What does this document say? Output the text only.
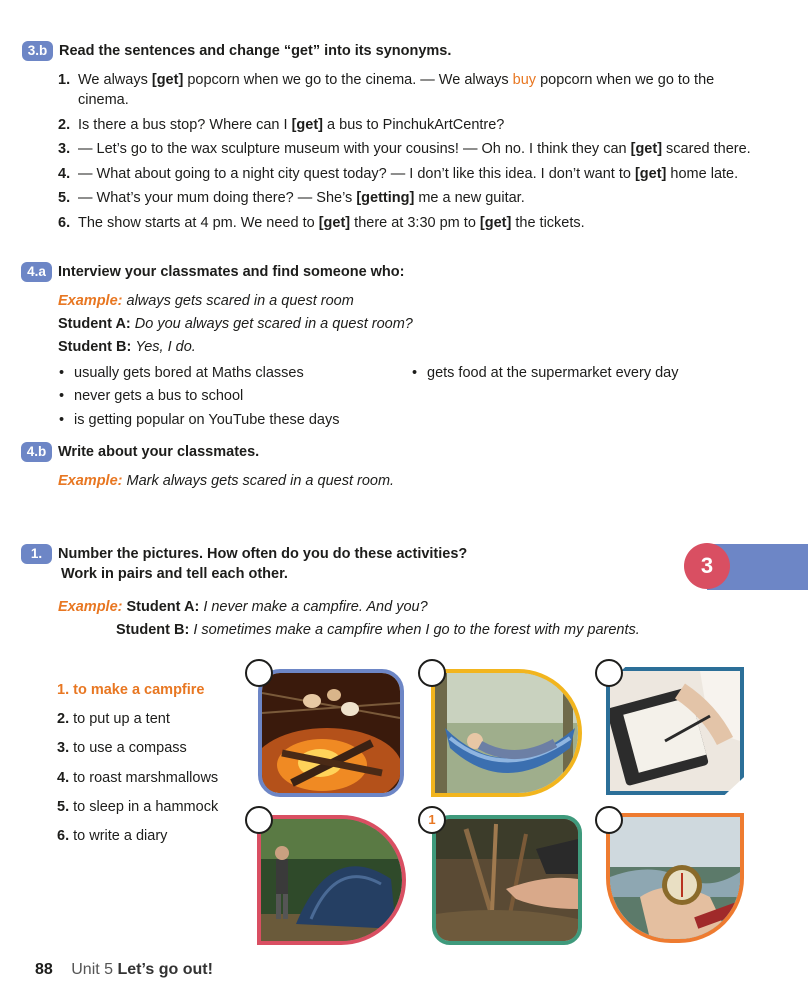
3.b Read the sentences and change “get” into its synonyms.
1. We always [get] popcorn when we go to the cinema. — We always buy popcorn when we go to the cinema.
2. Is there a bus stop? Where can I [get] a bus to PinchukArtCentre?
3. — Let’s go to the wax sculpture museum with your cousins! — Oh no. I think they can [get] scared there.
4. — What about going to a night city quest today? — I don’t like this idea. I don’t want to [get] home late.
5. — What’s your mum doing there? — She’s [getting] me a new guitar.
6. The show starts at 4 pm. We need to [get] there at 3:30 pm to [get] the tickets.
4.a Interview your classmates and find someone who:
Example: always gets scared in a quest room
Student A: Do you always get scared in a quest room?
Student B: Yes, I do.
• usually gets bored at Maths classes
• never gets a bus to school
• is getting popular on YouTube these days
• gets food at the supermarket every day
4.b Write about your classmates.
Example: Mark always gets scared in a quest room.
1.	Number the pictures. How often do you do these activities?
Work in pairs and tell each other.	3
Example: Student A: I never make a campfire. And you?
Student B: I sometimes make a campfire when I go to the forest with my parents.
1. to make a campfire
2. to put up a tent
3. to use a compass
4. to roast marshmallows
5. to sleep in a hammock
6. to write a diary
1
88 Unit 5 Let’s go out!
